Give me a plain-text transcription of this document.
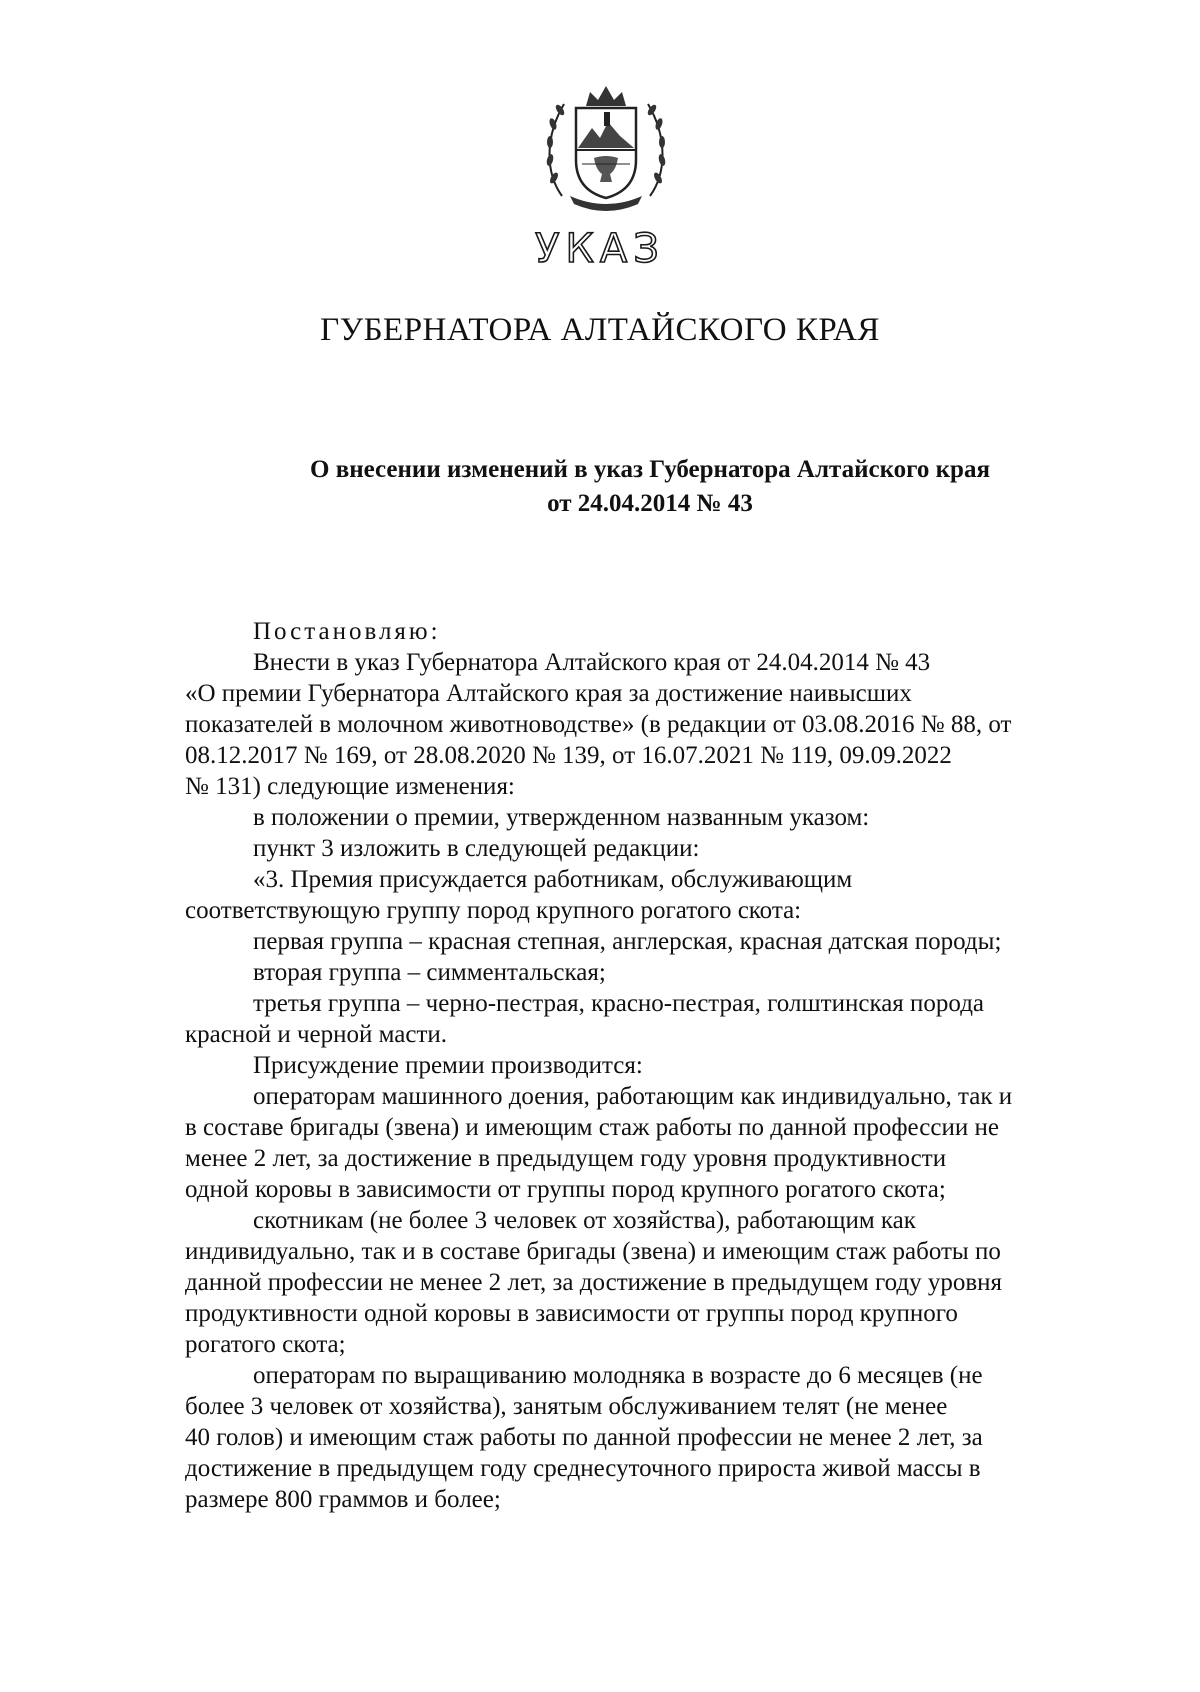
УКАЗ
ГУБЕРНАТОРА АЛТАЙСКОГО КРАЯ
О внесении изменений в указ Губернатора Алтайского края
от 24.04.2014 № 43
Постановляю:
Внести в указ Губернатора Алтайского края от 24.04.2014 № 43
«О премии Губернатора Алтайского края за достижение наивысших
показателей в молочном животноводстве» (в редакции от 03.08.2016 № 88, от
08.12.2017 № 169, от 28.08.2020 № 139, от 16.07.2021 № 119, 09.09.2022
№ 131) следующие изменения:
в положении о премии, утвержденном названным указом:
пункт 3 изложить в следующей редакции:
«3. Премия присуждается работникам, обслуживающим
соответствующую группу пород крупного рогатого скота:
первая группа – красная степная, англерская, красная датская породы;
вторая группа – симментальская;
третья группа – черно-пестрая, красно-пестрая, голштинская порода
красной и черной масти.
Присуждение премии производится:
операторам машинного доения, работающим как индивидуально, так и
в составе бригады (звена) и имеющим стаж работы по данной профессии не
менее 2 лет, за достижение в предыдущем году уровня продуктивности
одной коровы в зависимости от группы пород крупного рогатого скота;
скотникам (не более 3 человек от хозяйства), работающим как
индивидуально, так и в составе бригады (звена) и имеющим стаж работы по
данной профессии не менее 2 лет, за достижение в предыдущем году уровня
продуктивности одной коровы в зависимости от группы пород крупного
рогатого скота;
операторам по выращиванию молодняка в возрасте до 6 месяцев (не
более 3 человек от хозяйства), занятым обслуживанием телят (не менее
40 голов) и имеющим стаж работы по данной профессии не менее 2 лет, за
достижение в предыдущем году среднесуточного прироста живой массы в
размере 800 граммов и более;
